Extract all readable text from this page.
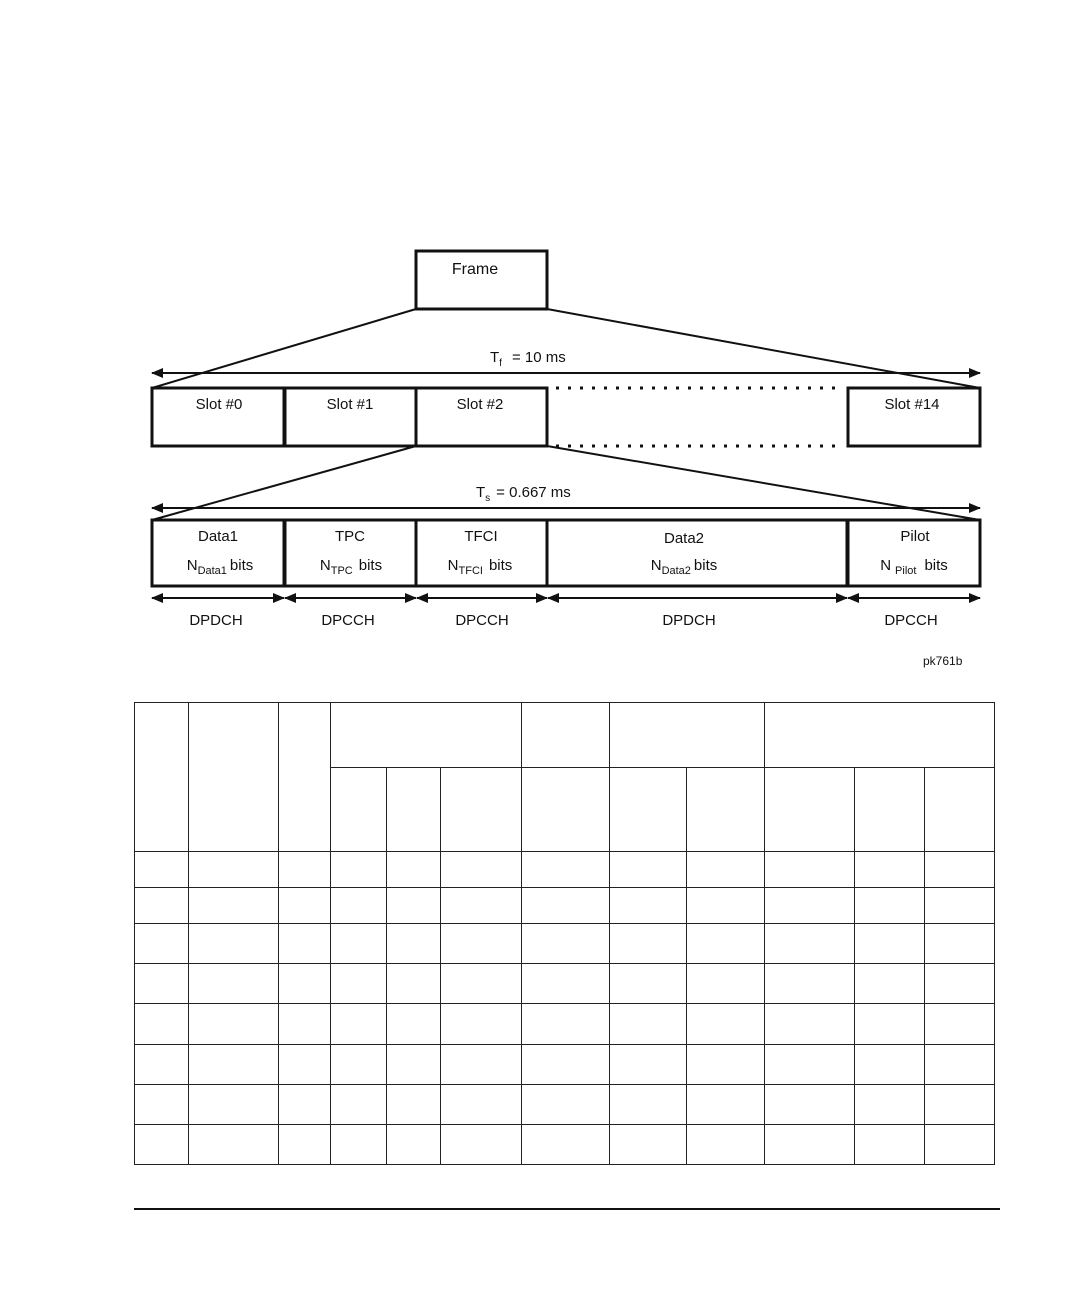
Frame
$T_f = 10$ ms
Slot #0	Slot #1	Slot #2	Slot #14
$T_s = 0.667$ ms
Data1
$N_{Data1}$ bits
TPC
$N_{TPC}$ bits
TFCI
$N_{TFCI}$ bits
Data2
$N_{Data2}$ bits
Pilot
N $_{Pilot}$ bits
DPDCH	DPCCH	DPCCH	DPDCH	DPCCH
pk761b
